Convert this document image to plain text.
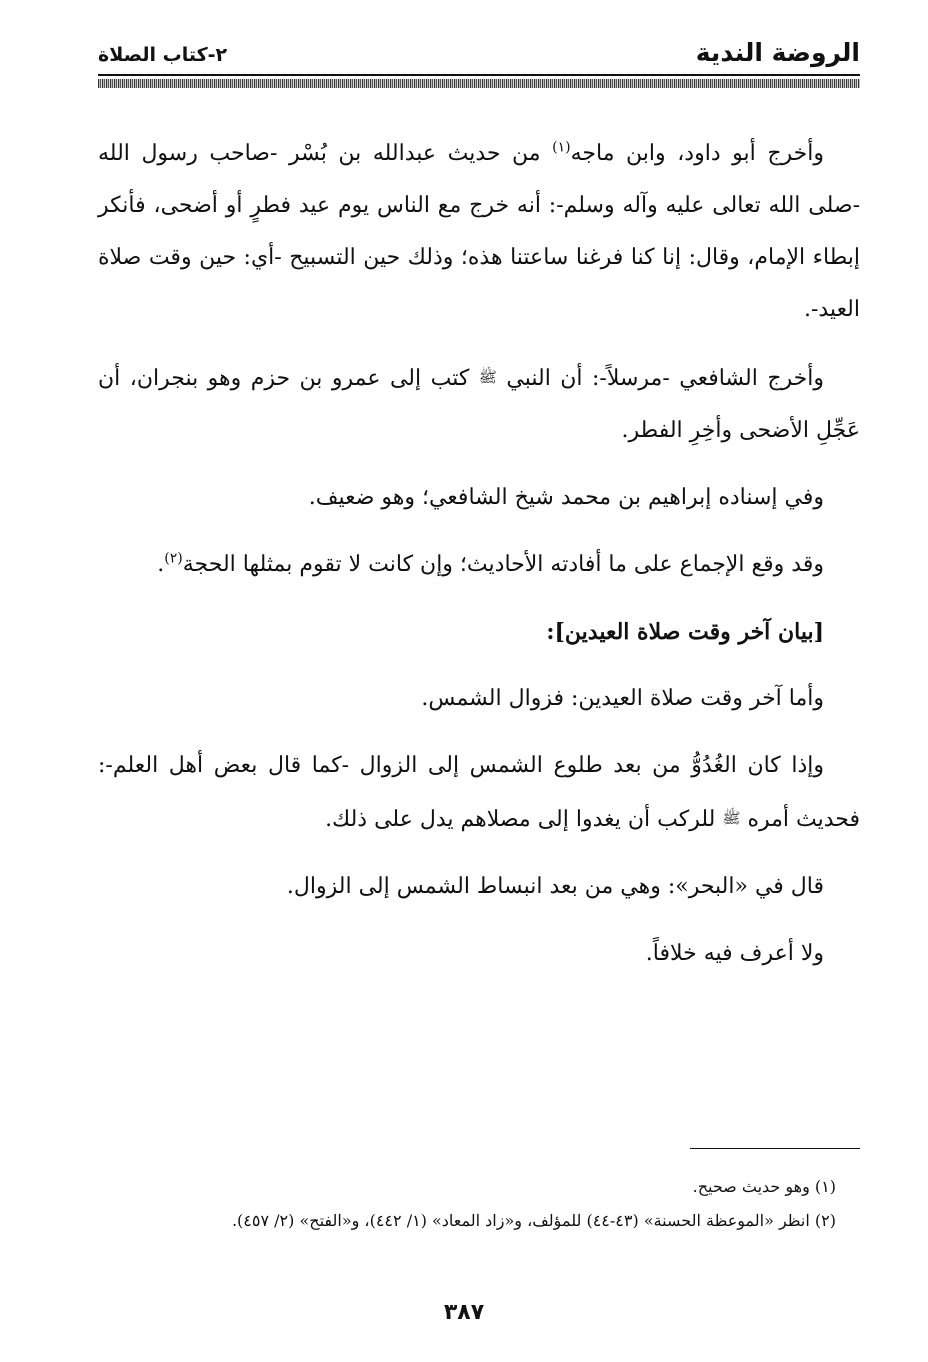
الروضة الندية
٢-كتاب الصلاة

وأخرج أبو داود، وابن ماجه$^{(١)}$ من حديث عبدالله بن بُسْر -صاحب رسول الله -صلى الله تعالى عليه وآله وسلم-: أنه خرج مع الناس يوم عيد فطرٍ أو أضحى، فأنكر إبطاء الإمام، وقال: إنا كنا فرغنا ساعتنا هذه؛ وذلك حين التسبيح -أي: حين وقت صلاة العيد-.

وأخرج الشافعي -مرسلاً-: أن النبي ﷺ كتب إلى عمرو بن حزم وهو بنجران، أن عَجِّلِ الأضحى وأخِرِ الفطر.

وفي إسناده إبراهيم بن محمد شيخ الشافعي؛ وهو ضعيف.

وقد وقع الإجماع على ما أفادته الأحاديث؛ وإن كانت لا تقوم بمثلها الحجة$^{(٢)}$.

[بيان آخر وقت صلاة العيدين]:

وأما آخر وقت صلاة العيدين: فزوال الشمس.

وإذا كان الغُدُوُّ من بعد طلوع الشمس إلى الزوال -كما قال بعض أهل العلم-: فحديث أمره ﷺ للركب أن يغدوا إلى مصلاهم يدل على ذلك.

قال في «البحر»: وهي من بعد انبساط الشمس إلى الزوال.

ولا أعرف فيه خلافاً.

(١) وهو حديث صحيح.

(٢) انظر «الموعظة الحسنة» (٤٣-٤٤) للمؤلف، و«زاد المعاد» (١/ ٤٤٢)، و«الفتح» (٢/ ٤٥٧).

٣٨٧
